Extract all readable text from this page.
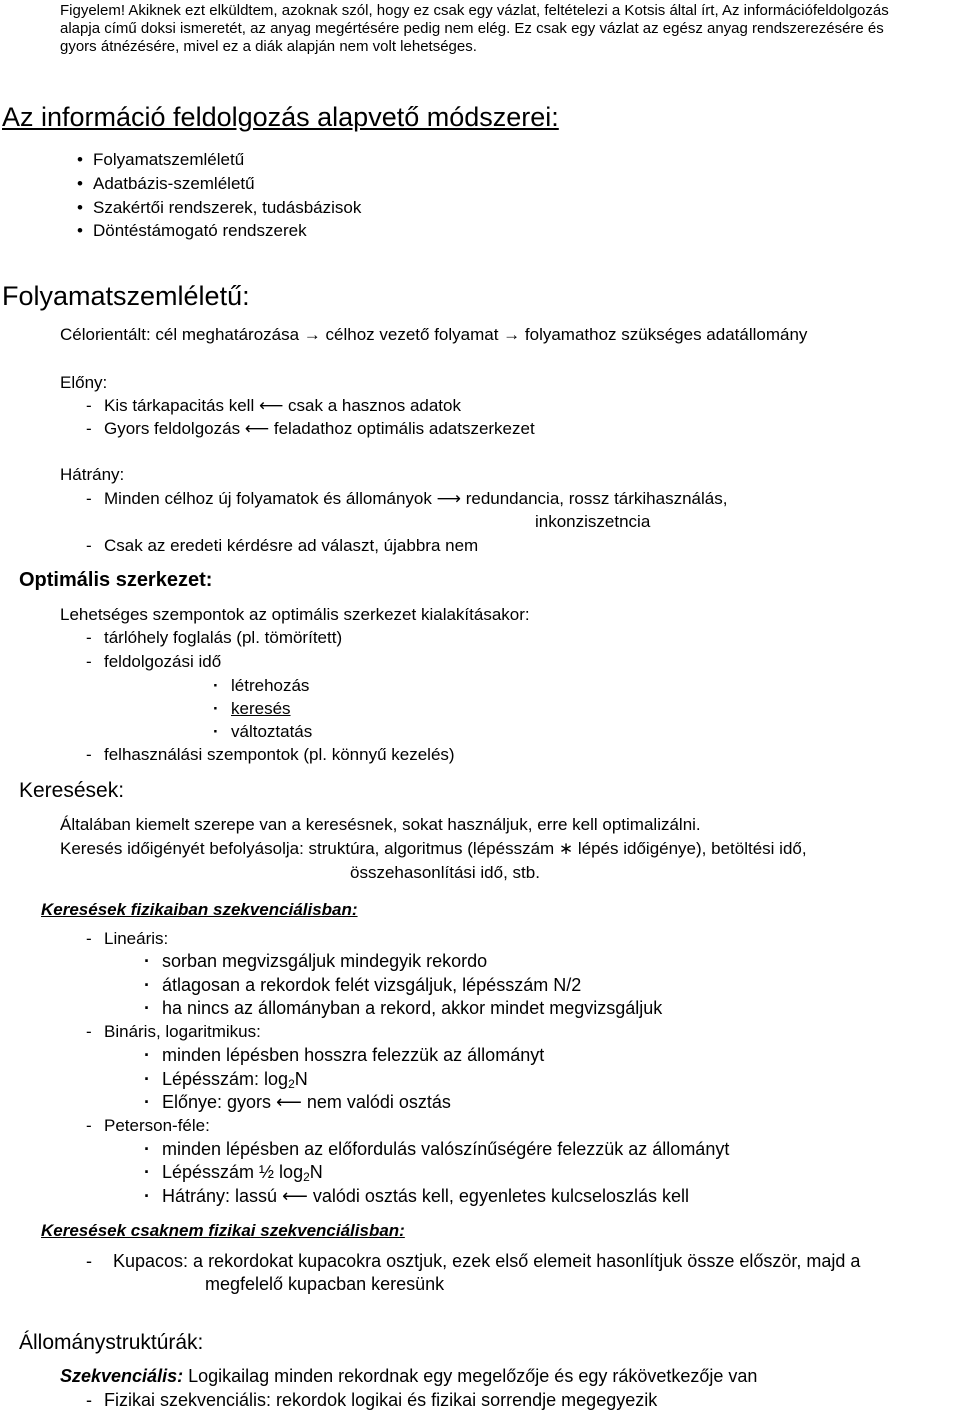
Figyelem! Akiknek ezt elküldtem, azoknak szól, hogy ez csak egy vázlat, feltételezi a Kotsis által írt, Az információfeldolgozás
alapja című doksi ismeretét, az anyag megértésére pedig nem elég. Ez csak egy vázlat az egész anyag rendszerezésére és
gyors átnézésére, mivel ez a diák alapján nem volt lehetséges.
Az információ feldolgozás alapvető módszerei:
• Folyamatszemléletű
• Adatbázis-szemléletű
• Szakértői rendszerek, tudásbázisok
• Döntéstámogató rendszerek
Folyamatszemléletű:
Célorientált: cél meghatározása → célhoz vezető folyamat → folyamathoz szükséges adatállomány
Előny:
- Kis tárkapacitás kell ⟵ csak a hasznos adatok
- Gyors feldolgozás ⟵ feladathoz optimális adatszerkezet
Hátrány:
- Minden célhoz új folyamatok és állományok ⟶ redundancia, rossz tárkihasználás,
inkonziszetncia
- Csak az eredeti kérdésre ad választ, újabbra nem
Optimális szerkezet:
Lehetséges szempontok az optimális szerkezet kialakításakor:
- tárlóhely foglalás (pl. tömörített)
- feldolgozási idő
· létrehozás
· keresés
· változtatás
- felhasználási szempontok (pl. könnyű kezelés)
Keresések:
Általában kiemelt szerepe van a keresésnek, sokat használjuk, erre kell optimalizálni.
Keresés időigényét befolyásolja: struktúra, algoritmus (lépésszám ∗ lépés időigénye), betöltési idő,
összehasonlítási idő, stb.
Keresések fizikaiban szekvenciálisban:
- Lineáris:
· sorban megvizsgáljuk mindegyik rekordo
· átlagosan a rekordok felét vizsgáljuk, lépésszám N/2
· ha nincs az állományban a rekord, akkor mindet megvizsgáljuk
- Bináris, logaritmikus:
· minden lépésben hosszra felezzük az állományt
· Lépésszám: $\log_2N$
· Előnye: gyors ⟵ nem valódi osztás
- Peterson-féle:
· minden lépésben az előfordulás valószínűségére felezzük az állományt
· Lépésszám ½ $\log_2N$
· Hátrány: lassú ⟵ valódi osztás kell, egyenletes kulcseloszlás kell
Keresések csaknem fizikai szekvenciálisban:
- Kupacos: a rekordokat kupacokra osztjuk, ezek első elemeit hasonlítjuk össze először, majd a
megfelelő kupacban keresünk
Állománystruktúrák:
Szekvenciális: Logikailag minden rekordnak egy megelőzője és egy rákövetkezője van
- Fizikai szekvenciális: rekordok logikai és fizikai sorrendje megegyezik
